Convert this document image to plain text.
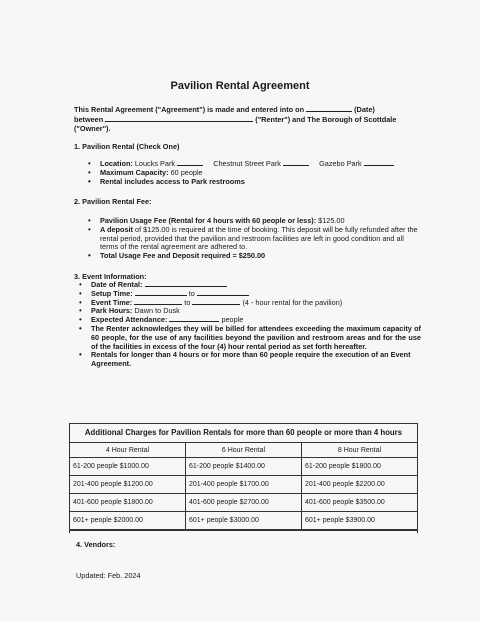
Pavilion Rental Agreement
This Rental Agreement ("Agreement") is made and entered into on	(Date)
between	("Renter") and The Borough of Scottdale
("Owner").
1. Pavilion Rental (Check One)
• Location: Loucks Park	Chestnut Street Park	Gazebo Park
• Maximum Capacity: 60 people
• Rental includes access to Park restrooms
2. Pavilion Rental Fee:
• Pavilion Usage Fee (Rental for 4 hours with 60 people or less): $125.00
• A deposit of $125.00 is required at the time of booking. This deposit will be fully refunded after the rental period, provided that the pavilion and restroom facilities are left in good condition and all terms of the rental agreement are adhered to.
• Total Usage Fee and Deposit required = $250.00
3. Event Information:
• Date of Rental:
• Setup Time:	to
• Event Time:	to	(4 - hour rental for the pavilion)
• Park Hours: Dawn to Dusk
• Expected Attendance:	people
• The Renter acknowledges they will be billed for attendees exceeding the maximum capacity of 60 people, for the use of any facilities beyond the pavilion and restroom areas and for the use of the facilities in excess of the four (4) hour rental period as set forth hereafter.
• Rentals for longer than 4 hours or for more than 60 people require the execution of an Event Agreement.
Additional Charges for Pavilion Rentals for more than 60 people or more than 4 hours
4 Hour Rental	6 Hour Rental	8 Hour Rental
61-200 people $1000.00	61-200 people $1400.00	61-200 people $1800.00
201-400 people $1200.00	201-400 people $1700.00	201-400 people $2200.00
401-600 people $1800.00	401-600 people $2700.00	401-600 people $3500.00
601+ people $2000.00	601+ people $3000.00	601+ people $3900.00
4. Vendors:
Updated: Feb. 2024
